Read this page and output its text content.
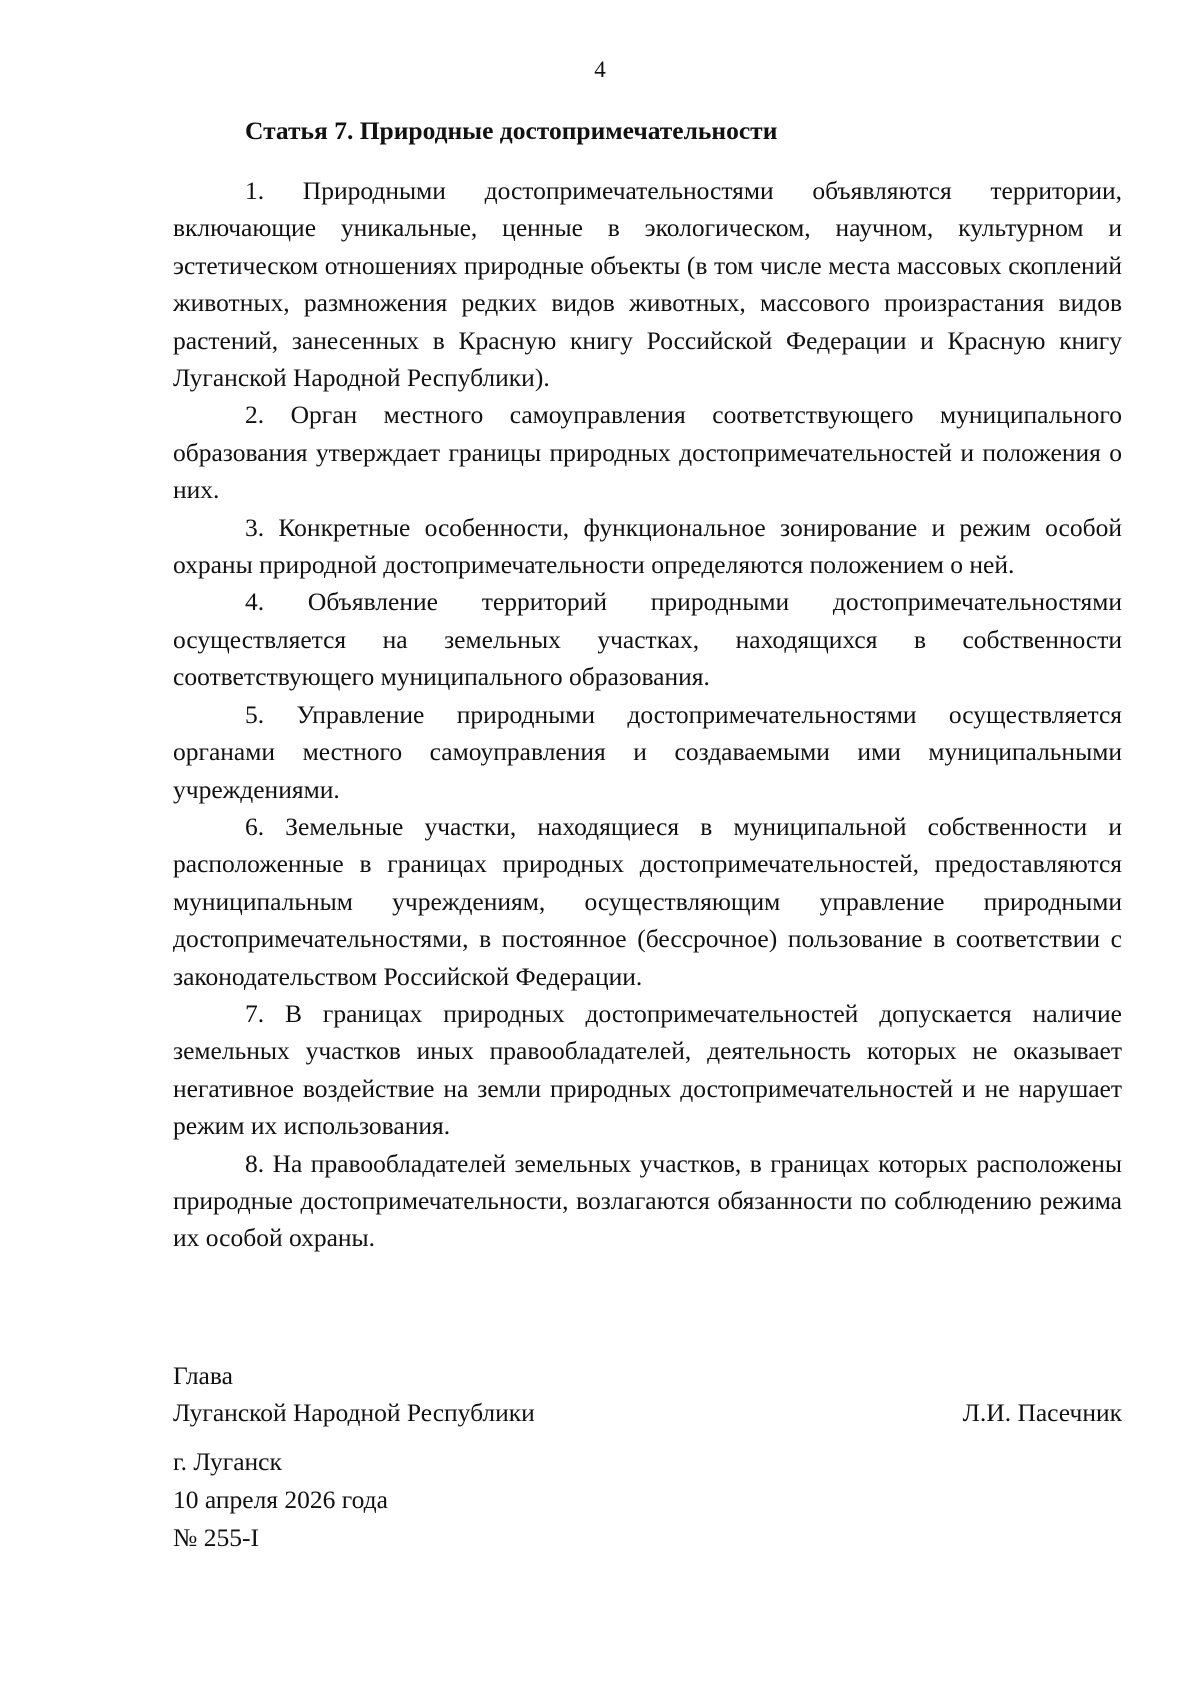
4
Статья 7. Природные достопримечательности

1. Природными достопримечательностями объявляются территории, включающие уникальные, ценные в экологическом, научном, культурном и эстетическом отношениях природные объекты (в том числе места массовых скоплений животных, размножения редких видов животных, массового произрастания видов растений, занесенных в Красную книгу Российской Федерации и Красную книгу Луганской Народной Республики).

2. Орган местного самоуправления соответствующего муниципального образования утверждает границы природных достопримечательностей и положения о них.

3. Конкретные особенности, функциональное зонирование и режим особой охраны природной достопримечательности определяются положением о ней.

4. Объявление территорий природными достопримечательностями осуществляется на земельных участках, находящихся в собственности соответствующего муниципального образования.

5. Управление природными достопримечательностями осуществляется органами местного самоуправления и создаваемыми ими муниципальными учреждениями.

6. Земельные участки, находящиеся в муниципальной собственности и расположенные в границах природных достопримечательностей, предоставляются муниципальным учреждениям, осуществляющим управление природными достопримечательностями, в постоянное (бессрочное) пользование в соответствии с законодательством Российской Федерации.

7. В границах природных достопримечательностей допускается наличие земельных участков иных правообладателей, деятельность которых не оказывает негативное воздействие на земли природных достопримечательностей и не нарушает режим их использования.

8. На правообладателей земельных участков, в границах которых расположены природные достопримечательности, возлагаются обязанности по соблюдению режима их особой охраны.

Глава
Луганской Народной Республики	Л.И. Пасечник
г. Луганск
10 апреля 2026 года
№ 255-I
